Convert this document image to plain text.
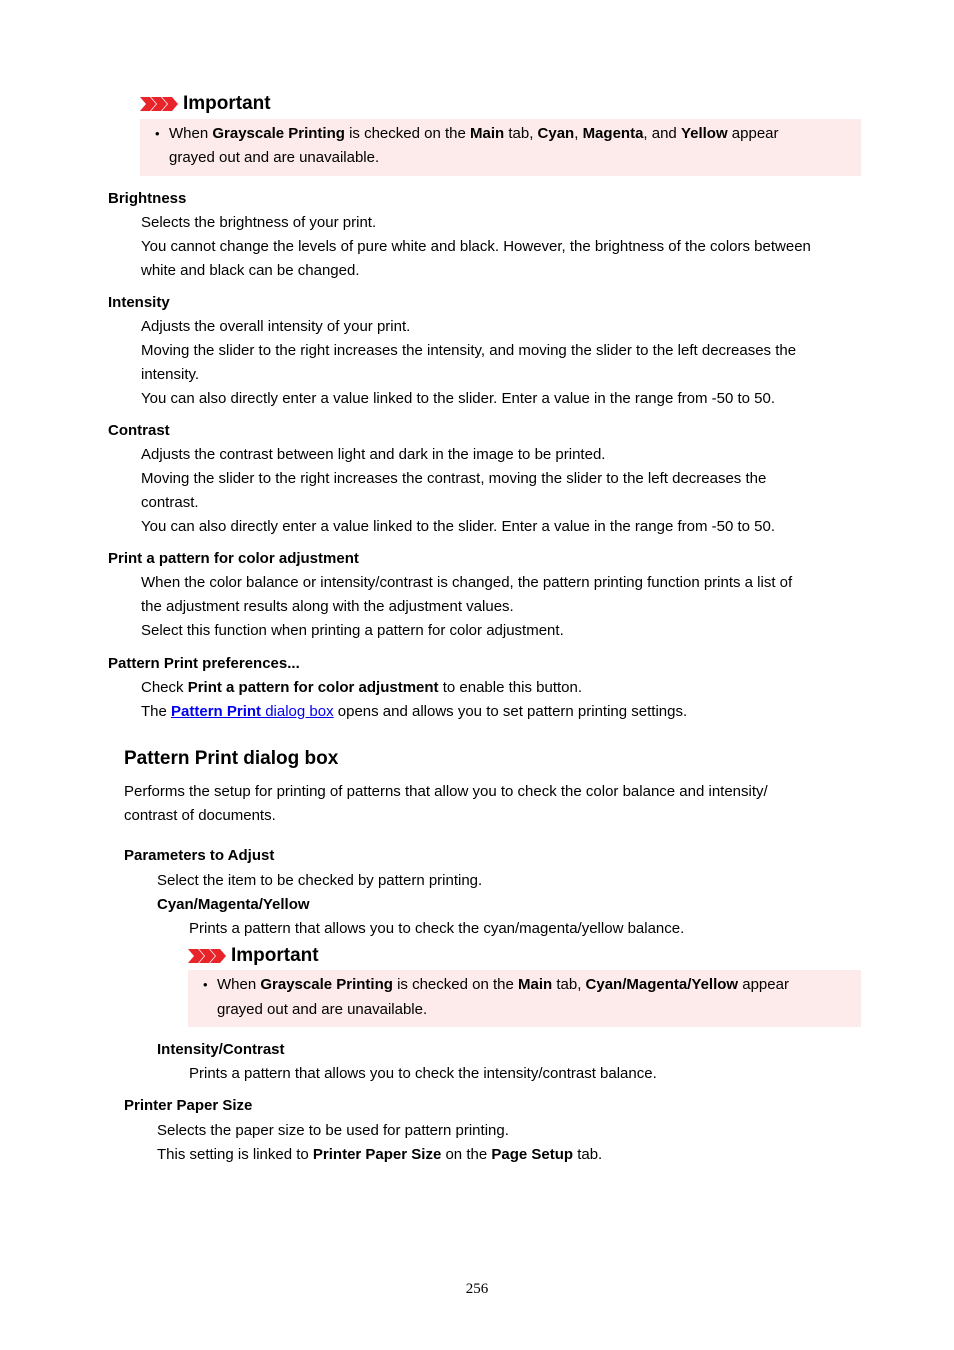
Important
• When Grayscale Printing is checked on the Main tab, Cyan, Magenta, and Yellow appear
grayed out and are unavailable.
Brightness
Selects the brightness of your print.
You cannot change the levels of pure white and black. However, the brightness of the colors between
white and black can be changed.
Intensity
Adjusts the overall intensity of your print.
Moving the slider to the right increases the intensity, and moving the slider to the left decreases the
intensity.
You can also directly enter a value linked to the slider. Enter a value in the range from -50 to 50.
Contrast
Adjusts the contrast between light and dark in the image to be printed.
Moving the slider to the right increases the contrast, moving the slider to the left decreases the
contrast.
You can also directly enter a value linked to the slider. Enter a value in the range from -50 to 50.
Print a pattern for color adjustment
When the color balance or intensity/contrast is changed, the pattern printing function prints a list of
the adjustment results along with the adjustment values.
Select this function when printing a pattern for color adjustment.
Pattern Print preferences...
Check Print a pattern for color adjustment to enable this button.
The Pattern Print dialog box opens and allows you to set pattern printing settings.
Pattern Print dialog box
Performs the setup for printing of patterns that allow you to check the color balance and intensity/
contrast of documents.
Parameters to Adjust
Select the item to be checked by pattern printing.
Cyan/Magenta/Yellow
Prints a pattern that allows you to check the cyan/magenta/yellow balance.
Important
• When Grayscale Printing is checked on the Main tab, Cyan/Magenta/Yellow appear
grayed out and are unavailable.
Intensity/Contrast
Prints a pattern that allows you to check the intensity/contrast balance.
Printer Paper Size
Selects the paper size to be used for pattern printing.
This setting is linked to Printer Paper Size on the Page Setup tab.
256
